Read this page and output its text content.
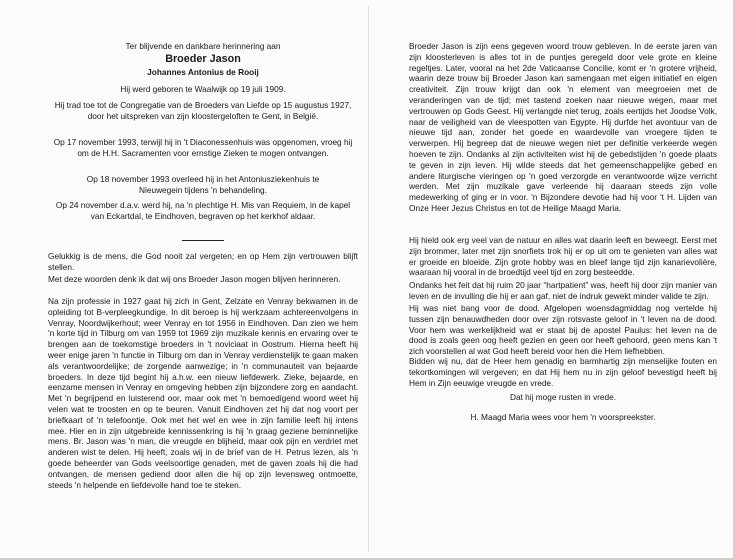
Ter blijvende en dankbare herinnering aan

Broeder Jason

Johannes Antonius de Rooij

Hij werd geboren te Waalwijk op 19 juli 1909.

Hij trad toe tot de Congregatie van de Broeders van Liefde op 15 augustus 1927, door het uitspreken van zijn kloostergeloften te Gent, in België.

Op 17 november 1993, terwijl hij in 't Diaconessenhuis was opgenomen, vroeg hij om de H.H. Sacramenten voor ernstige Zieken te mogen ontvangen.

Op 18 november 1993 overleed hij in het Antoniusziekenhuis te Nieuwegein tijdens 'n behandeling.

Op 24 november d.a.v. werd hij, na 'n plechtige H. Mis van Requiem, in de kapel van Eckartdal, te Eindhoven, begraven op het kerkhof aldaar.

Gelukkig is de mens, die God nooit zal vergeten; en op Hem zijn vertrouwen blijft stellen.

Met deze woorden denk ik dat wij ons Broeder Jason mogen blijven herinneren.

Na zijn professie in 1927 gaat hij zich in Gent, Zelzate en Venray bekwamen in de opleiding tot B-verpleegkundige. In dit beroep is hij werkzaam achtereenvolgens in Venray, Noordwijkerhout; weer Venray en tot 1956 in Eindhoven. Dan zien we hem 'n korte tijd in Tilburg om van 1959 tot 1969 zijn muzikale kennis en ervaring over te brengen aan de toekomstige broeders in 't noviciaat in Oostrum. Hierna heeft hij weer enige jaren 'n functie in Tilburg om dan in Venray verdienstelijk te gaan maken als verantwoordelijke; de zorgende aanwezige; in 'n communauteit van bejaarde broeders. In deze tijd begint hij a.h.w. een nieuw liefdewerk. Zieke, bejaarde, en eenzame mensen in Venray en omgeving hebben zijn bijzondere zorg en aandacht. Met 'n begrijpend en luisterend oor, maar ook met 'n bemoedigend woord weet hij velen wat te troosten en op te beuren. Vanuit Eindhoven zet hij dat nog voort per briefkaart of 'n telefoontje. Ook met het wel en wee in zijn familie leeft hij intens mee. Hier en in zijn uitgebreide kennissenkring is hij 'n graag geziene beminnelijke mens. Br. Jason was 'n man, die vreugde en blijheid, maar ook pijn en verdriet met anderen wist te delen. Hij heeft, zoals wij in de brief van de H. Petrus lezen, als 'n goede beheerder van Gods veelsoortige genaden, met de gaven zoals hij die had ontvangen, de mensen gediend door allen die hij op zijn levensweg ontmoette, steeds 'n helpende en liefdevolle hand toe te steken.

Broeder Jason is zijn eens gegeven woord trouw gebleven. In de eerste jaren van zijn kloosterleven is alles tot in de puntjes geregeld door vele grote en kleine regeltjes. Later, vooral na het 2de Vaticaanse Concilie, komt er 'n grotere vrijheid, waarin deze trouw bij Broeder Jason kan samengaan met eigen initiatief en eigen creativiteit. Zijn trouw krijgt dan ook 'n element van meegroeien met de veranderingen van de tijd; met tastend zoeken naar nieuwe wegen, maar met vertrouwen op Gods Geest. Hij verlangde niet terug, zoals eertijds het Joodse Volk, naar de veiligheid van de vleespotten van Egypte. Hij durfde het avontuur van de nieuwe tijd aan, zonder het goede en waardevolle van vroegere tijden te verwerpen. Hij begreep dat de nieuwe wegen niet per definitie verkeerde wegen hoeven te zijn. Ondanks al zijn activiteiten wist hij de gebedstijden 'n goede plaats te geven in zijn leven. Hij wilde steeds dat het gemeenschappelijke gebed en andere liturgische vieringen op 'n goed verzorgde en verantwoorde wijze verricht werden. Met zijn muzikale gave verleende hij daaraan steeds zijn volle medewerking of ging er in voor. 'n Bijzondere devotie had hij voor 't H. Lijden van Onze Heer Jezus Christus en tot de Heilige Maagd Maria.

Hij hield ook erg veel van de natuur en alles wat daarin leeft en beweegt. Eerst met zijn brommer, later met zijn snorfiets trok hij er op uit om te genieten van alles wat er groeide en bloeide. Zijn grote hobby was en bleef lange tijd zijn kanarievolière, waaraan hij vooral in de broedtijd veel tijd en zorg besteedde.

Ondanks het feit dat hij ruim 20 jaar “hartpatient” was, heeft hij door zijn manier van leven en de invulling die hij er aan gaf, niet de indruk gewekt minder valide te zijn.

Hij was niet bang voor de dood. Afgelopen woensdagmiddag nog vertelde hij tussen zijn benauwdheden door over zijn rotsvaste geloof in 't leven na de dood. Voor hem was werkelijkheid wat er staat bij de apostel Paulus: het leven na de dood is zoals geen oog heeft gezien en geen oor heeft gehoord, geen mens kan 't zich voorstellen al wat God heeft bereid voor hen die Hem liefhebben.

Bidden wij nu, dat de Heer hem genadig en barmhartig zijn menselijke fouten en tekortkomingen wil vergeven; en dat Hij hem nu in zijn geloof bevestigd heeft bij Hem in Zijn eeuwige vreugde en vrede.

Dat hij moge rusten in vrede.

H. Maagd Maria wees voor hem 'n voorspreekster.
